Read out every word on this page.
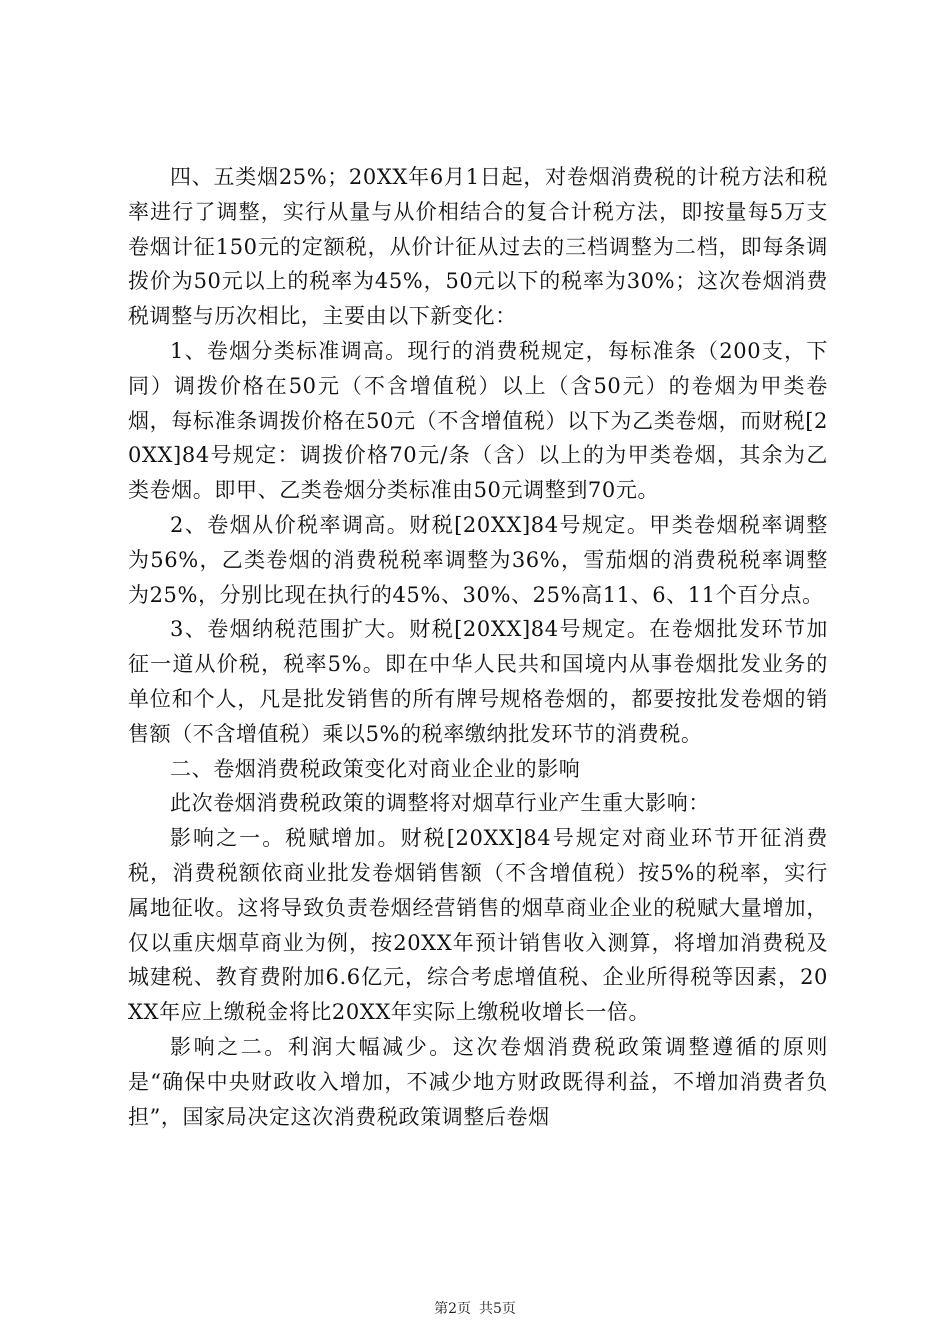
四、五类烟25%；20XX年6月1日起，对卷烟消费税的计税方法和税率进行了调整，实行从量与从价相结合的复合计税方法，即按量每5万支卷烟计征150元的定额税，从价计征从过去的三档调整为二档，即每条调拨价为50元以上的税率为45%，50元以下的税率为30%；这次卷烟消费税调整与历次相比，主要由以下新变化：

1、卷烟分类标准调高。现行的消费税规定，每标准条（200支，下同）调拨价格在50元（不含增值税）以上（含50元）的卷烟为甲类卷烟，每标准条调拨价格在50元（不含增值税）以下为乙类卷烟，而财税[20XX]84号规定：调拨价格70元/条（含）以上的为甲类卷烟，其余为乙类卷烟。即甲、乙类卷烟分类标准由50元调整到70元。

2、卷烟从价税率调高。财税[20XX]84号规定。甲类卷烟税率调整为56%，乙类卷烟的消费税税率调整为36%，雪茄烟的消费税税率调整为25%，分别比现在执行的45%、30%、25%高11、6、11个百分点。

3、卷烟纳税范围扩大。财税[20XX]84号规定。在卷烟批发环节加征一道从价税，税率5%。即在中华人民共和国境内从事卷烟批发业务的单位和个人，凡是批发销售的所有牌号规格卷烟的，都要按批发卷烟的销售额（不含增值税）乘以5%的税率缴纳批发环节的消费税。

二、卷烟消费税政策变化对商业企业的影响

此次卷烟消费税政策的调整将对烟草行业产生重大影响：

影响之一。税赋增加。财税[20XX]84号规定对商业环节开征消费税，消费税额依商业批发卷烟销售额（不含增值税）按5%的税率，实行属地征收。这将导致负责卷烟经营销售的烟草商业企业的税赋大量增加，仅以重庆烟草商业为例，按20XX年预计销售收入测算，将增加消费税及城建税、教育费附加6.6亿元，综合考虑增值税、企业所得税等因素，20XX年应上缴税金将比20XX年实际上缴税收增长一倍。

影响之二。利润大幅减少。这次卷烟消费税政策调整遵循的原则是“确保中央财政收入增加，不减少地方财政既得利益，不增加消费者负担”，国家局决定这次消费税政策调整后卷烟

第2页 共5页
